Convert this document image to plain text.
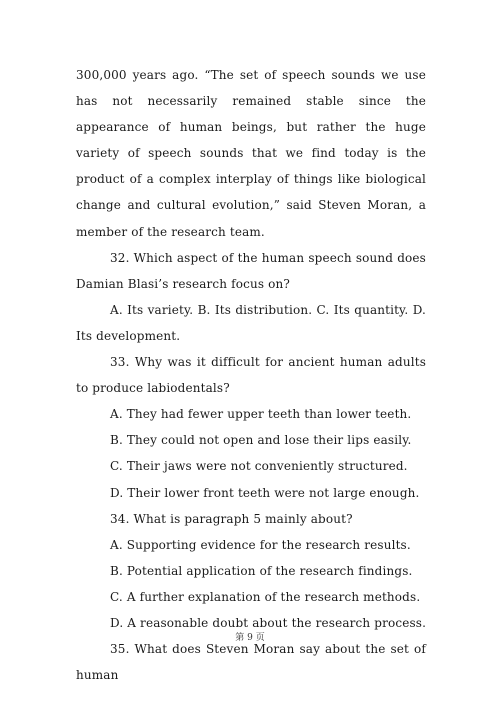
300,000 years ago. “The set of speech sounds we use has not necessarily remained stable since the appearance of human beings, but rather the huge variety of speech sounds that we find today is the product of a complex interplay of things like biological change and cultural evolution,” said Steven Moran, a member of the research team.

32. Which aspect of the human speech sound does Damian Blasi’s research focus on?

A. Its variety. B. Its distribution. C. Its quantity. D. Its development.

33. Why was it difficult for ancient human adults to produce labiodentals?

A. They had fewer upper teeth than lower teeth.

B. They could not open and lose their lips easily.

C. Their jaws were not conveniently structured.

D. Their lower front teeth were not large enough.

34. What is paragraph 5 mainly about?

A. Supporting evidence for the research results.

B. Potential application of the research findings.

C. A further explanation of the research methods.

D. A reasonable doubt about the research process.

35. What does Steven Moran say about the set of human

第 9 页
